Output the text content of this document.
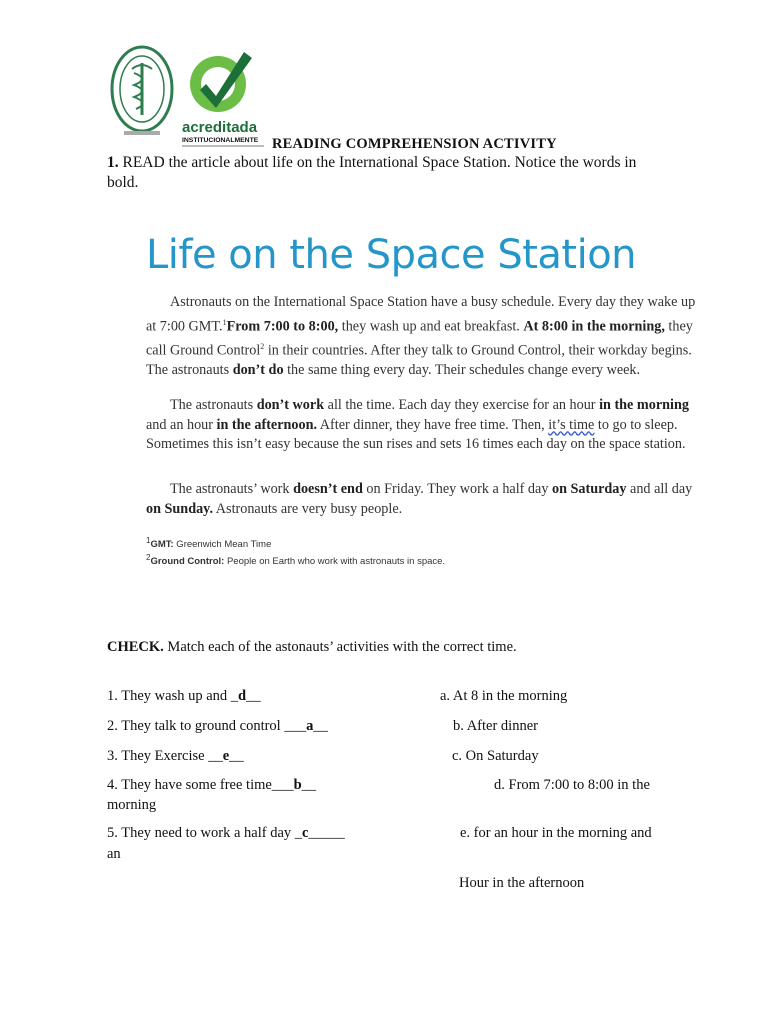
acreditada
INSTITUCIONALMENTE READING COMPREHENSION ACTIVITY
1. READ the article about life on the International Space Station. Notice the words in bold.
Life on the Space Station
Astronauts on the International Space Station have a busy schedule. Every day they wake up at 7:00 GMT.$^1$From 7:00 to 8:00, they wash up and eat breakfast. At 8:00 in the morning, they call Ground Control$^2$ in their countries. After they talk to Ground Control, their workday begins. The astronauts don’t do the same thing every day. Their schedules change every week.
The astronauts don’t work all the time. Each day they exercise for an hour in the morning and an hour in the afternoon. After dinner, they have free time. Then, it’s time to go to sleep. Sometimes this isn’t easy because the sun rises and sets 16 times each day on the space station.
The astronauts’ work doesn’t end on Friday. They work a half day on Saturday and all day on Sunday. Astronauts are very busy people.
$^1$GMT: Greenwich Mean Time
$^2$Ground Control: People on Earth who work with astronauts in space.
CHECK. Match each of the astonauts’ activities with the correct time.
1. They wash up and _d__
2. They talk to ground control ___a__
3. They Exercise __e__
4. They have some free time___b__
morning
5. They need to work a half day _c_____
an
a. At 8 in the morning
b. After dinner
c. On Saturday
d. From 7:00 to 8:00 in the
e. for an hour in the morning and
Hour in the afternoon
